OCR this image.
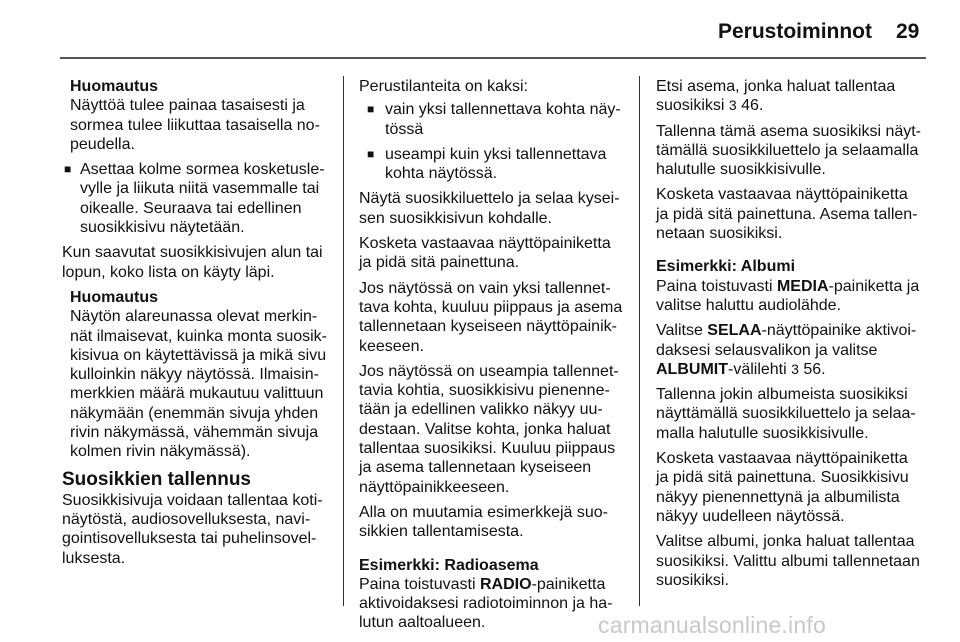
Perustoiminnot 29
Huomautus
Näyttöä tulee painaa tasaisesti ja
sormea tulee liikuttaa tasaisella no-
peudella.
■ Asettaa kolme sormea kosketusle-
vylle ja liikuta niitä vasemmalle tai
oikealle. Seuraava tai edellinen
suosikkisivu näytetään.
Kun saavutat suosikkisivujen alun tai
lopun, koko lista on käyty läpi.
Huomautus
Näytön alareunassa olevat merkin-
nät ilmaisevat, kuinka monta suosik-
kisivua on käytettävissä ja mikä sivu
kulloinkin näkyy näytössä. Ilmaisin-
merkkien määrä mukautuu valittuun
näkymään (enemmän sivuja yhden
rivin näkymässä, vähemmän sivuja
kolmen rivin näkymässä).
Suosikkien tallennus
Suosikkisivuja voidaan tallentaa koti-
näytöstä, audiosovelluksesta, navi-
gointisovelluksesta tai puhelinsovel-
luksesta.
Perustilanteita on kaksi:
■ vain yksi tallennettava kohta näy-
tössä
■ useampi kuin yksi tallennettava
kohta näytössä.
Näytä suosikkiluettelo ja selaa kysei-
sen suosikkisivun kohdalle.
Kosketa vastaavaa näyttöpainiketta
ja pidä sitä painettuna.
Jos näytössä on vain yksi tallennet-
tava kohta, kuuluu piippaus ja asema
tallennetaan kyseiseen näyttöpainik-
keeseen.
Jos näytössä on useampia tallennet-
tavia kohtia, suosikkisivu pienenne-
tään ja edellinen valikko näkyy uu-
destaan. Valitse kohta, jonka haluat
tallentaa suosikiksi. Kuuluu piippaus
ja asema tallennetaan kyseiseen
näyttöpainikkeeseen.
Alla on muutamia esimerkkejä suo-
sikkien tallentamisesta.
Esimerkki: Radioasema
Paina toistuvasti RADIO-painiketta
aktivoidaksesi radiotoiminnon ja ha-
lutun aaltoalueen.
Etsi asema, jonka haluat tallentaa
suosikiksi 3 46.
Tallenna tämä asema suosikiksi näyt-
tämällä suosikkiluettelo ja selaamalla
halutulle suosikkisivulle.
Kosketa vastaavaa näyttöpainiketta
ja pidä sitä painettuna. Asema tallen-
netaan suosikiksi.
Esimerkki: Albumi
Paina toistuvasti MEDIA-painiketta ja
valitse haluttu audiolähde.
Valitse SELAA-näyttöpainike aktivoi-
daksesi selausvalikon ja valitse
ALBUMIT-välilehti 3 56.
Tallenna jokin albumeista suosikiksi
näyttämällä suosikkiluettelo ja selaa-
malla halutulle suosikkisivulle.
Kosketa vastaavaa näyttöpainiketta
ja pidä sitä painettuna. Suosikkisivu
näkyy pienennettynä ja albumilista
näkyy uudelleen näytössä.
Valitse albumi, jonka haluat tallentaa
suosikiksi. Valittu albumi tallennetaan
suosikiksi.
carmanualsonline.info
